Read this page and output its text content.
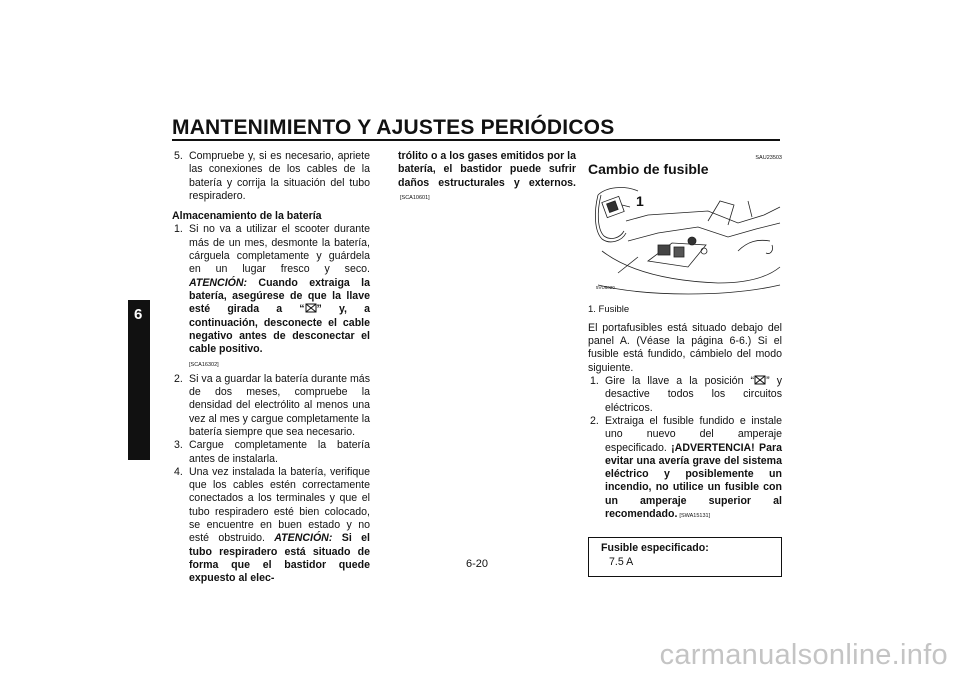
MANTENIMIENTO Y AJUSTES PERIÓDICOS
6
5. Compruebe y, si es necesario, apriete las conexiones de los cables de la batería y corrija la situación del tubo respiradero.
Almacenamiento de la batería
1. Si no va a utilizar el scooter durante más de un mes, desmonte la batería, cárguela completamente y guárdela en un lugar fresco y seco. ATENCIÓN: Cuando extraiga la batería, asegúrese de que la llave esté girada a “ ” y, a continuación, desconecte el cable negativo antes de desconectar el cable positivo.
[SCA16302]
2. Si va a guardar la batería durante más de dos meses, compruebe la densidad del electrólito al menos una vez al mes y cargue completamente la batería siempre que sea necesario.
3. Cargue completamente la batería antes de instalarla.
4. Una vez instalada la batería, verifique que los cables estén correctamente conectados a los terminales y que el tubo respiradero esté bien colocado, se encuentre en buen estado y no esté obstruido. ATENCIÓN: Si el tubo respiradero está situado de forma que el bastidor quede expuesto al elec-
trólito o a los gases emitidos por la batería, el bastidor puede sufrir daños estructurales y externos.[SCA10601]
SAU23503
Cambio de fusible
1
5VU6020
1. Fusible
El portafusibles está situado debajo del panel A. (Véase la página 6-6.) Si el fusible está fundido, cámbielo del modo siguiente.
1. Gire la llave a la posición “ ” y desactive todos los circuitos eléctricos.
2. Extraiga el fusible fundido e instale uno nuevo del amperaje especificado. ¡ADVERTENCIA! Para evitar una avería grave del sistema eléctrico y posiblemente un incendio, no utilice un fusible con un amperaje superior al recomendado. [SWA15131]
Fusible especificado:
7.5 A
6-20
carmanualsonline.info
